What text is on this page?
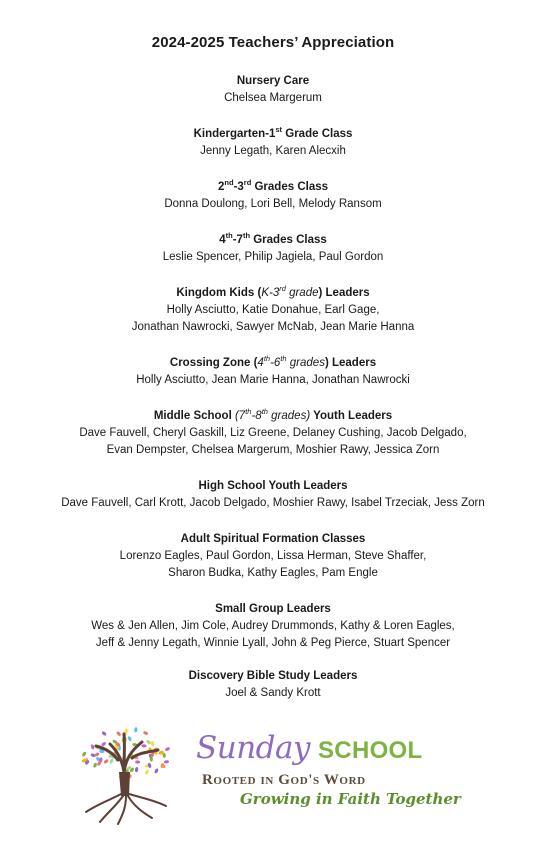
2024-2025 Teachers’ Appreciation
Nursery Care
Chelsea Margerum
Kindergarten-1st Grade Class
Jenny Legath, Karen Alecxih
2nd-3rd Grades Class
Donna Doulong, Lori Bell, Melody Ransom
4th-7th Grades Class
Leslie Spencer, Philip Jagiela, Paul Gordon
Kingdom Kids (K-3rd grade) Leaders
Holly Asciutto, Katie Donahue, Earl Gage,
Jonathan Nawrocki, Sawyer McNab, Jean Marie Hanna
Crossing Zone (4th-6th grades) Leaders
Holly Asciutto, Jean Marie Hanna, Jonathan Nawrocki
Middle School (7th-8th grades) Youth Leaders
Dave Fauvell, Cheryl Gaskill, Liz Greene, Delaney Cushing, Jacob Delgado,
Evan Dempster, Chelsea Margerum, Moshier Rawy, Jessica Zorn
High School Youth Leaders
Dave Fauvell, Carl Krott, Jacob Delgado, Moshier Rawy, Isabel Trzeciak, Jess Zorn
Adult Spiritual Formation Classes
Lorenzo Eagles, Paul Gordon, Lissa Herman, Steve Shaffer,
Sharon Budka, Kathy Eagles, Pam Engle
Small Group Leaders
Wes & Jen Allen, Jim Cole, Audrey Drummonds, Kathy & Loren Eagles,
Jeff & Jenny Legath, Winnie Lyall, John & Peg Pierce, Stuart Spencer
Discovery Bible Study Leaders
Joel & Sandy Krott
Sunday SCHOOL
Rooted in God's Word
Growing in Faith Together
